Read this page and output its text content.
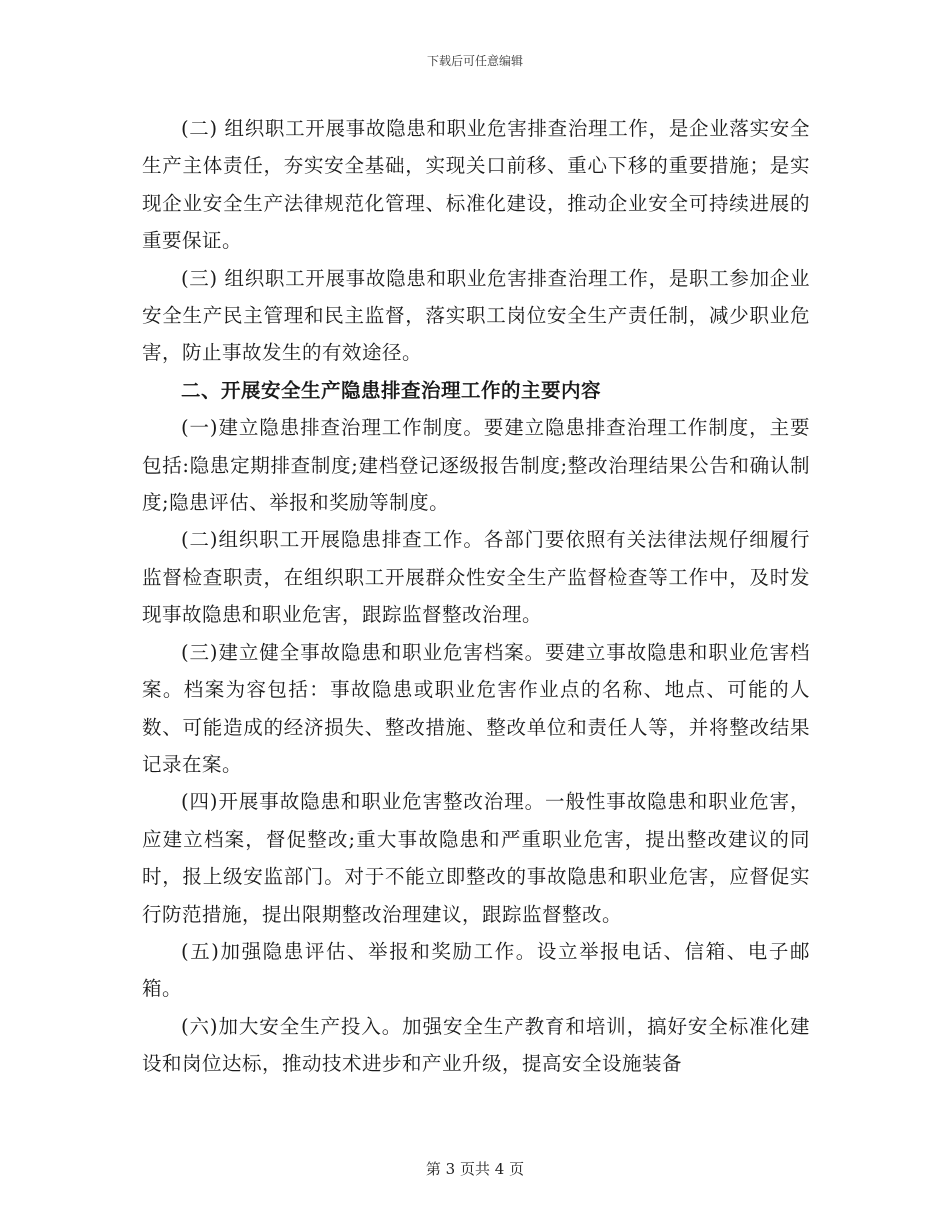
下载后可任意编辑

(二) 组织职工开展事故隐患和职业危害排查治理工作，是企业落实安全生产主体责任，夯实安全基础，实现关口前移、重心下移的重要措施；是实现企业安全生产法律规范化管理、标准化建设，推动企业安全可持续进展的重要保证。

(三) 组织职工开展事故隐患和职业危害排查治理工作，是职工参加企业安全生产民主管理和民主监督，落实职工岗位安全生产责任制，减少职业危害，防止事故发生的有效途径。

二、开展安全生产隐患排查治理工作的主要内容

(一)建立隐患排查治理工作制度。要建立隐患排查治理工作制度，主要包括:隐患定期排查制度;建档登记逐级报告制度;整改治理结果公告和确认制度;隐患评估、举报和奖励等制度。

(二)组织职工开展隐患排查工作。各部门要依照有关法律法规仔细履行监督检查职责，在组织职工开展群众性安全生产监督检查等工作中，及时发现事故隐患和职业危害，跟踪监督整改治理。

(三)建立健全事故隐患和职业危害档案。要建立事故隐患和职业危害档案。档案为容包括：事故隐患或职业危害作业点的名称、地点、可能的人数、可能造成的经济损失、整改措施、整改单位和责任人等，并将整改结果记录在案。

(四)开展事故隐患和职业危害整改治理。一般性事故隐患和职业危害，应建立档案，督促整改;重大事故隐患和严重职业危害，提出整改建议的同时，报上级安监部门。对于不能立即整改的事故隐患和职业危害，应督促实行防范措施，提出限期整改治理建议，跟踪监督整改。

(五)加强隐患评估、举报和奖励工作。设立举报电话、信箱、电子邮箱。

(六)加大安全生产投入。加强安全生产教育和培训，搞好安全标准化建设和岗位达标，推动技术进步和产业升级，提高安全设施装备

第 3 页共 4 页
